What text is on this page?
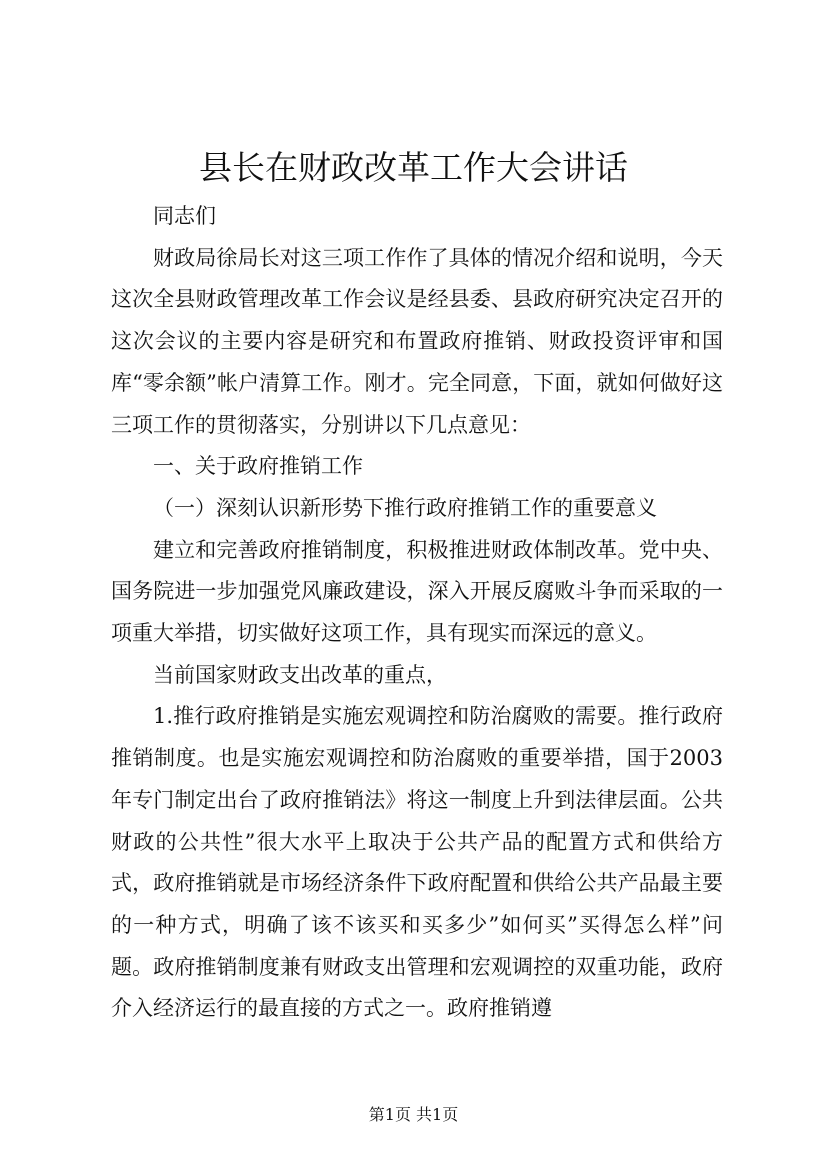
县长在财政改革工作大会讲话

同志们

财政局徐局长对这三项工作作了具体的情况介绍和说明，今天这次全县财政管理改革工作会议是经县委、县政府研究决定召开的这次会议的主要内容是研究和布置政府推销、财政投资评审和国库“零余额”帐户清算工作。刚才。完全同意，下面，就如何做好这三项工作的贯彻落实，分别讲以下几点意见：

一、关于政府推销工作

（一）深刻认识新形势下推行政府推销工作的重要意义

建立和完善政府推销制度，积极推进财政体制改革。党中央、国务院进一步加强党风廉政建设，深入开展反腐败斗争而采取的一项重大举措，切实做好这项工作，具有现实而深远的意义。

当前国家财政支出改革的重点，

1.推行政府推销是实施宏观调控和防治腐败的需要。推行政府推销制度。也是实施宏观调控和防治腐败的重要举措，国于2003年专门制定出台了政府推销法》将这一制度上升到法律层面。公共财政的公共性”很大水平上取决于公共产品的配置方式和供给方式，政府推销就是市场经济条件下政府配置和供给公共产品最主要的一种方式，明确了该不该买和买多少”如何买”买得怎么样”问题。政府推销制度兼有财政支出管理和宏观调控的双重功能，政府介入经济运行的最直接的方式之一。政府推销遵

第1页 共1页
